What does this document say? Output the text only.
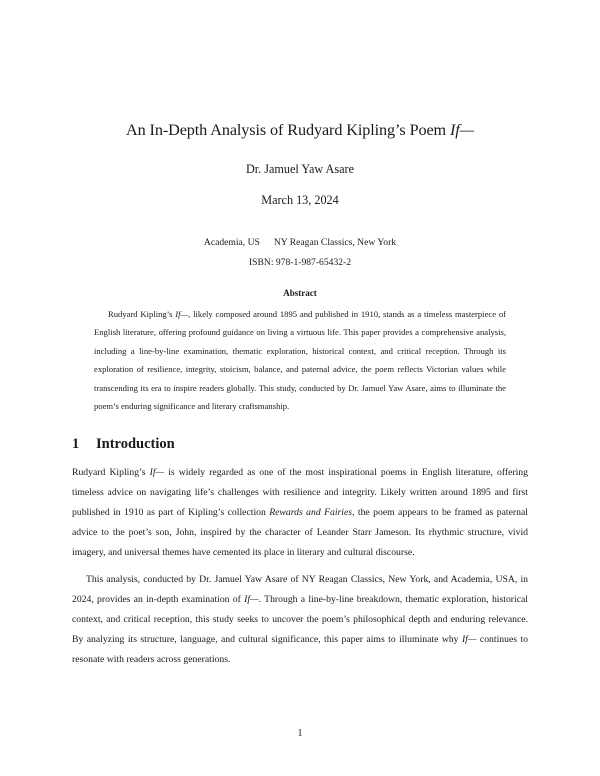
An In-Depth Analysis of Rudyard Kipling’s Poem If—

Dr. Jamuel Yaw Asare

March 13, 2024

Academia, US NY Reagan Classics, New York

ISBN: 978-1-987-65432-2

Abstract

Rudyard Kipling’s If—, likely composed around 1895 and published in 1910, stands as a timeless masterpiece of English literature, offering profound guidance on living a virtuous life. This paper provides a comprehensive analysis, including a line-by-line examination, thematic exploration, historical context, and critical reception. Through its exploration of resilience, integrity, stoicism, balance, and paternal advice, the poem reflects Victorian values while transcending its era to inspire readers globally. This study, conducted by Dr. Jamuel Yaw Asare, aims to illuminate the poem’s enduring significance and literary craftsmanship.

1 Introduction

Rudyard Kipling’s If— is widely regarded as one of the most inspirational poems in English literature, offering timeless advice on navigating life’s challenges with resilience and integrity. Likely written around 1895 and first published in 1910 as part of Kipling’s collection Rewards and Fairies, the poem appears to be framed as paternal advice to the poet’s son, John, inspired by the character of Leander Starr Jameson. Its rhythmic structure, vivid imagery, and universal themes have cemented its place in literary and cultural discourse.

This analysis, conducted by Dr. Jamuel Yaw Asare of NY Reagan Classics, New York, and Academia, USA, in 2024, provides an in-depth examination of If—. Through a line-by-line breakdown, thematic exploration, historical context, and critical reception, this study seeks to uncover the poem’s philosophical depth and enduring relevance. By analyzing its structure, language, and cultural significance, this paper aims to illuminate why If— continues to resonate with readers across generations.

1
